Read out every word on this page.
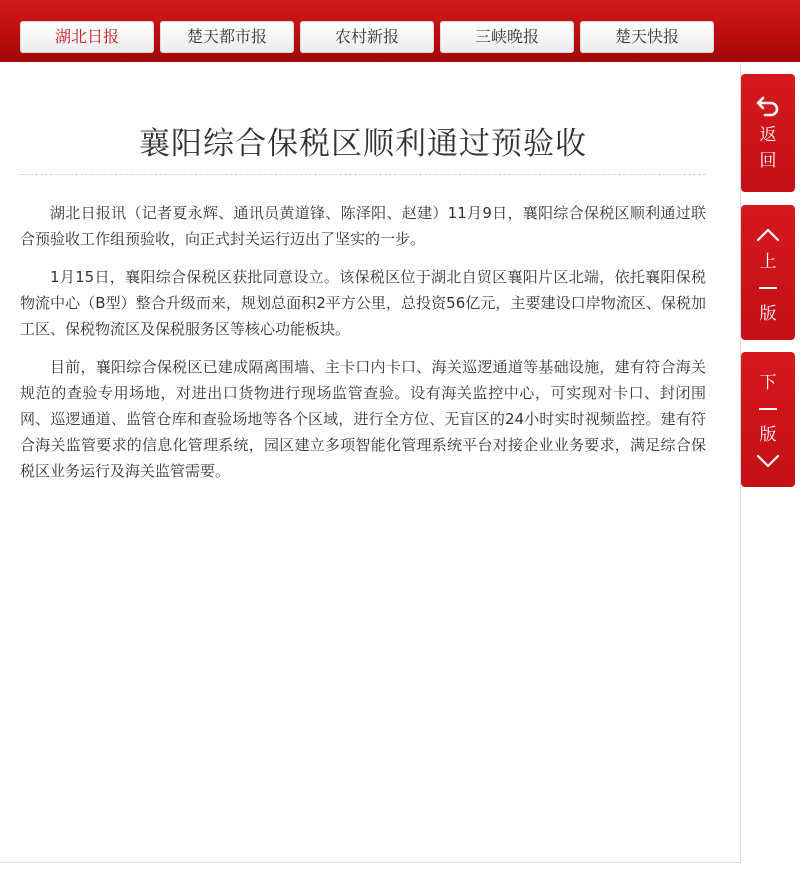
湖北日报	楚天都市报	农村新报	三峡晚报	楚天快报
襄阳综合保税区顺利通过预验收

湖北日报讯（记者夏永辉、通讯员黄道锋、陈泽阳、赵建）11月9日，襄阳综合保税区顺利通过联合预验收工作组预验收，向正式封关运行迈出了坚实的一步。

1月15日，襄阳综合保税区获批同意设立。该保税区位于湖北自贸区襄阳片区北端，依托襄阳保税物流中心（B型）整合升级而来，规划总面积2平方公里，总投资56亿元，主要建设口岸物流区、保税加工区、保税物流区及保税服务区等核心功能板块。

目前，襄阳综合保税区已建成隔离围墙、主卡口内卡口、海关巡逻通道等基础设施，建有符合海关规范的查验专用场地，对进出口货物进行现场监管查验。设有海关监控中心，可实现对卡口、封闭围网、巡逻通道、监管仓库和查验场地等各个区域，进行全方位、无盲区的24小时实时视频监控。建有符合海关监管要求的信息化管理系统，园区建立多项智能化管理系统平台对接企业业务要求，满足综合保税区业务运行及海关监管需要。

返
回
上
版
下
版
